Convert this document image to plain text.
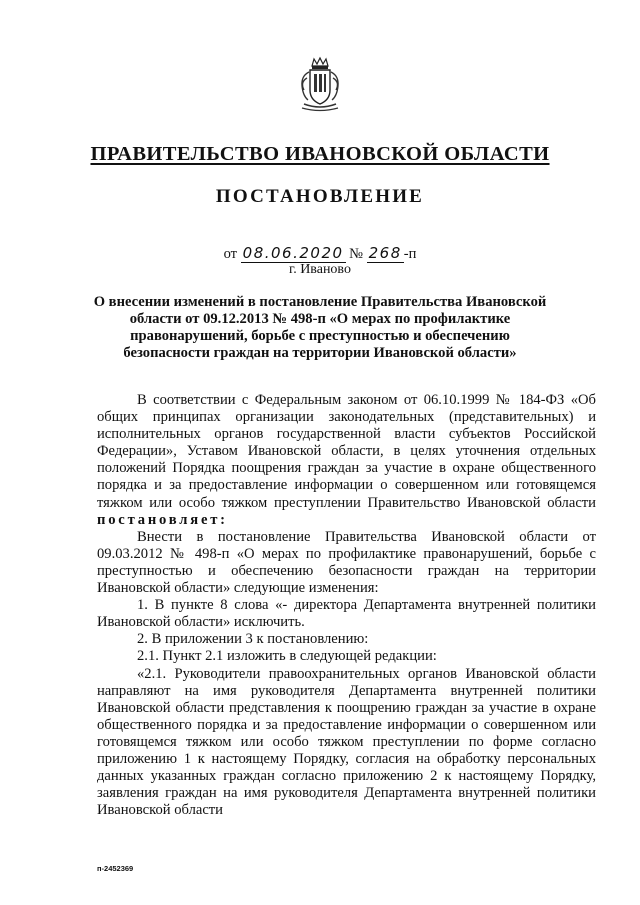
ПРАВИТЕЛЬСТВО ИВАНОВСКОЙ ОБЛАСТИ
ПОСТАНОВЛЕНИЕ
от 08.06.2020 № 268 -п
г. Иваново
О внесении изменений в постановление Правительства Ивановской области от 09.12.2013 № 498-п «О мерах по профилактике правонарушений, борьбе с преступностью и обеспечению безопасности граждан на территории Ивановской области»

В соответствии с Федеральным законом от 06.10.1999 № 184-ФЗ «Об общих принципах организации законодательных (представительных) и исполнительных органов государственной власти субъектов Российской Федерации», Уставом Ивановской области, в целях уточнения отдельных положений Порядка поощрения граждан за участие в охране общественного порядка и за предоставление информации о совершенном или готовящемся тяжком или особо тяжком преступлении Правительство Ивановской области постановляет:

Внести в постановление Правительства Ивановской области от 09.03.2012 № 498-п «О мерах по профилактике правонарушений, борьбе с преступностью и обеспечению безопасности граждан на территории Ивановской области» следующие изменения:

1. В пункте 8 слова «- директора Департамента внутренней политики Ивановской области» исключить.

2. В приложении 3 к постановлению:

2.1. Пункт 2.1 изложить в следующей редакции:

«2.1. Руководители правоохранительных органов Ивановской области направляют на имя руководителя Департамента внутренней политики Ивановской области представления к поощрению граждан за участие в охране общественного порядка и за предоставление информации о совершенном или готовящемся тяжком или особо тяжком преступлении по форме согласно приложению 1 к настоящему Порядку, согласия на обработку персональных данных указанных граждан согласно приложению 2 к настоящему Порядку, заявления граждан на имя руководителя Департамента внутренней политики Ивановской области

п-2452369
